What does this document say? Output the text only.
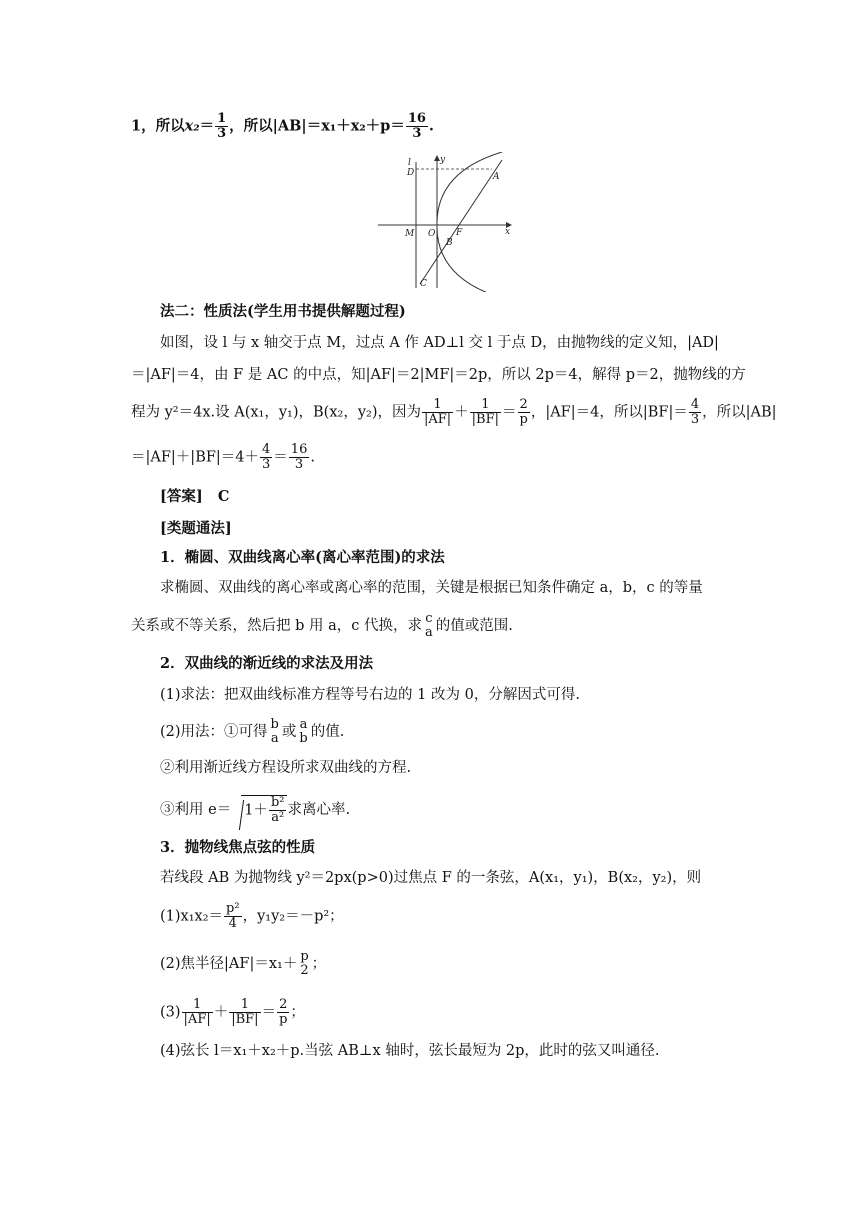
1，所以$x_2= \frac{1}{3}$ ，所以$|AB|=x_1+x_2+p= \frac{16}{3}$ .
l	y
D	A
M O F
B
C
x
法二：性质法(学生用书提供解题过程)
如图，设 l 与 x 轴交于点 M，过点 A 作 AD⊥l 交 l 于点 D，由抛物线的定义知，|AD|
＝|AF|＝4，由 F 是 AC 的中点，知|AF|＝2|MF|＝2p，所以 2p＝4，解得 p＝2，抛物线的方
程为 y²＝4x.设 A(x₁，y₁)，B(x₂，y₂)，因为 $\frac{1}{|AF|} + \frac{1}{|BF|} = \frac{2}{p}$ ，|AF|＝4，所以$|BF|= \frac{4}{3}$ ，所以|AB|
$=|AF|+|BF|=4+ \frac{4}{3} = \frac{16}{3}$ .
[答案] C
[类题通法]
1．椭圆、双曲线离心率(离心率范围)的求法
求椭圆、双曲线的离心率或离心率的范围，关键是根据已知条件确定 a，b，c 的等量
关系或不等关系，然后把 b 用 a，c 代换，求 c
a 的值或范围.
2．双曲线的渐近线的求法及用法
(1)求法：把双曲线标准方程等号右边的 1 改为 0，分解因式可得.
(2)用法：①可得 b
a 或 a
b 的值.
②利用渐近线方程设所求双曲线的方程.
③利用 $e= 1+ \frac{\text{b²}}{\text{a²}}$ 求离心率.
3．抛物线焦点弦的性质
若线段 AB 为抛物线 y²＝2px(p>0)过焦点 F 的一条弦，A(x₁，y₁)，B(x₂，y₂)，则
$(1)x_1x_2= \frac{\text{p²}}{4}$ ，y₁y₂＝－p²；
(2)焦半径|AF|＝x₁＋ p
2 ；
$(3) \frac{1}{|AF|} + \frac{1}{|BF|} = \frac{2}{p}$ ；
(4)弦长 l＝x₁＋x₂＋p.当弦 AB⊥x 轴时，弦长最短为 2p，此时的弦又叫通径.
